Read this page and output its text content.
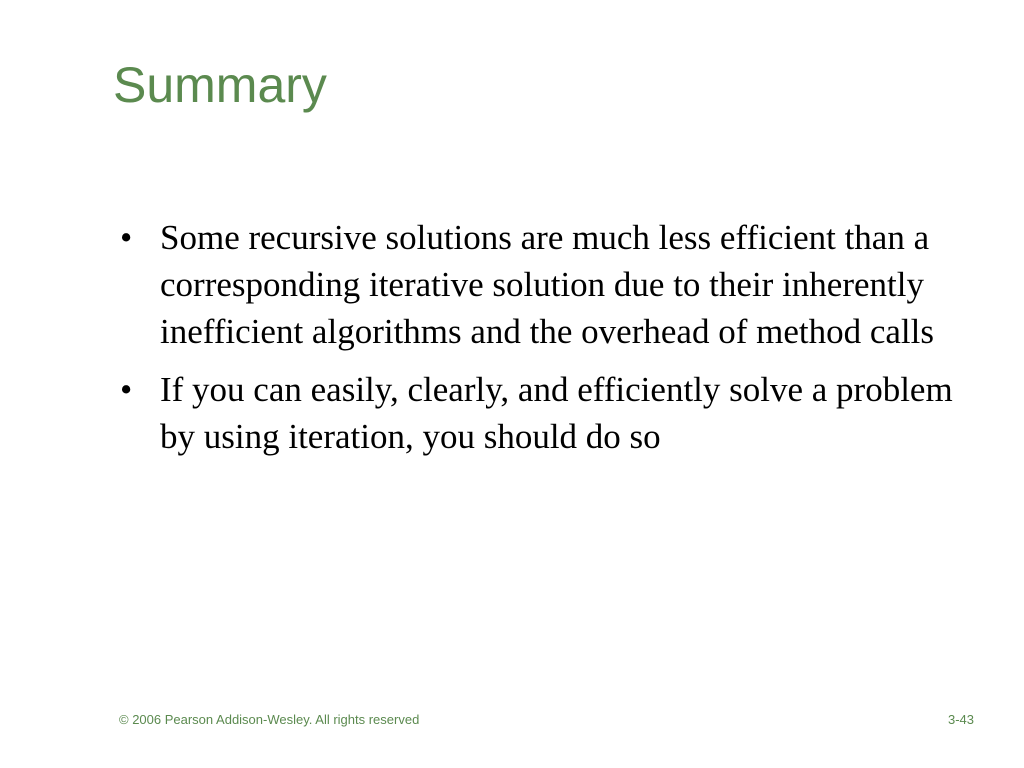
Summary
• Some recursive solutions are much less efficient than a corresponding iterative solution due to their inherently inefficient algorithms and the overhead of method calls
• If you can easily, clearly, and efficiently solve a problem by using iteration, you should do so
© 2006 Pearson Addison-Wesley. All rights reserved	3-43
